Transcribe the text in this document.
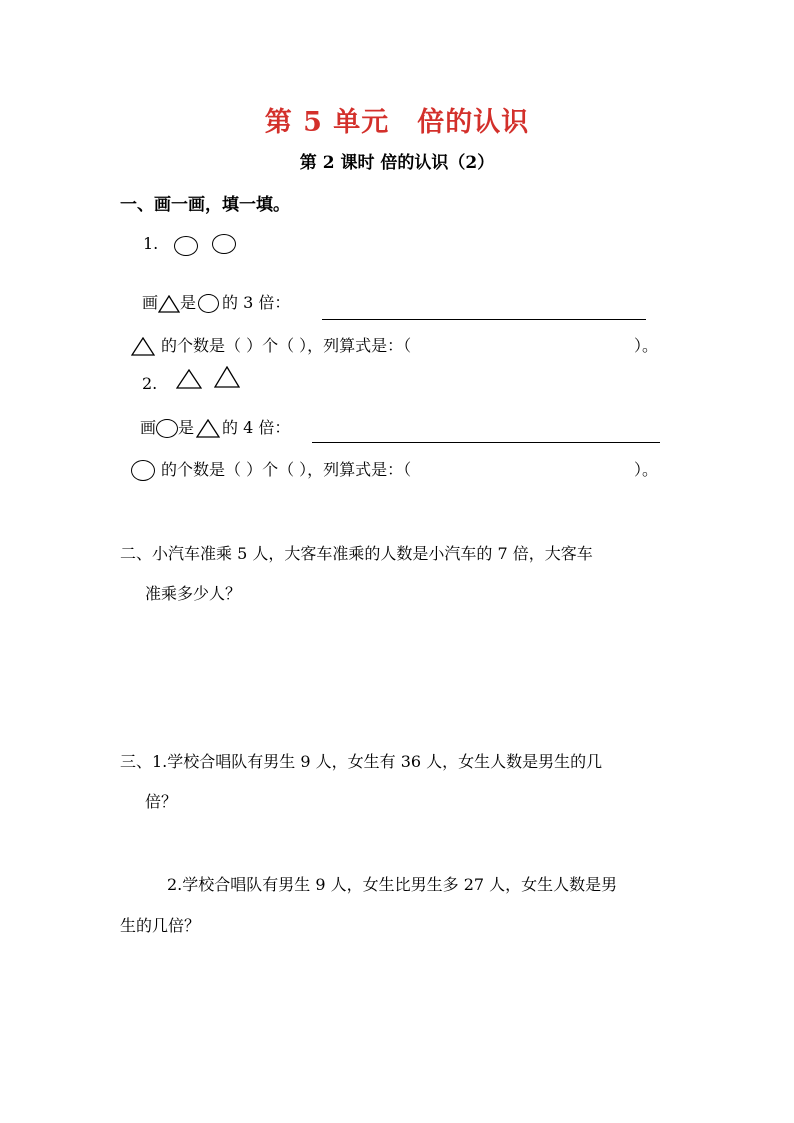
第 5 单元　倍的认识
第 2 课时 倍的认识（2）
一、画一画，填一填。
1.
画 是 的 3 倍：
的个数是（ ）个（ ），列算式是：（	）。
2.
画 是 的 4 倍：
的个数是（ ）个（ ），列算式是：（	）。
二、小汽车准乘 5 人，大客车准乘的人数是小汽车的 7 倍，大客车
准乘多少人？
三、1.学校合唱队有男生 9 人，女生有 36 人，女生人数是男生的几
倍？
2.学校合唱队有男生 9 人，女生比男生多 27 人，女生人数是男
生的几倍？
